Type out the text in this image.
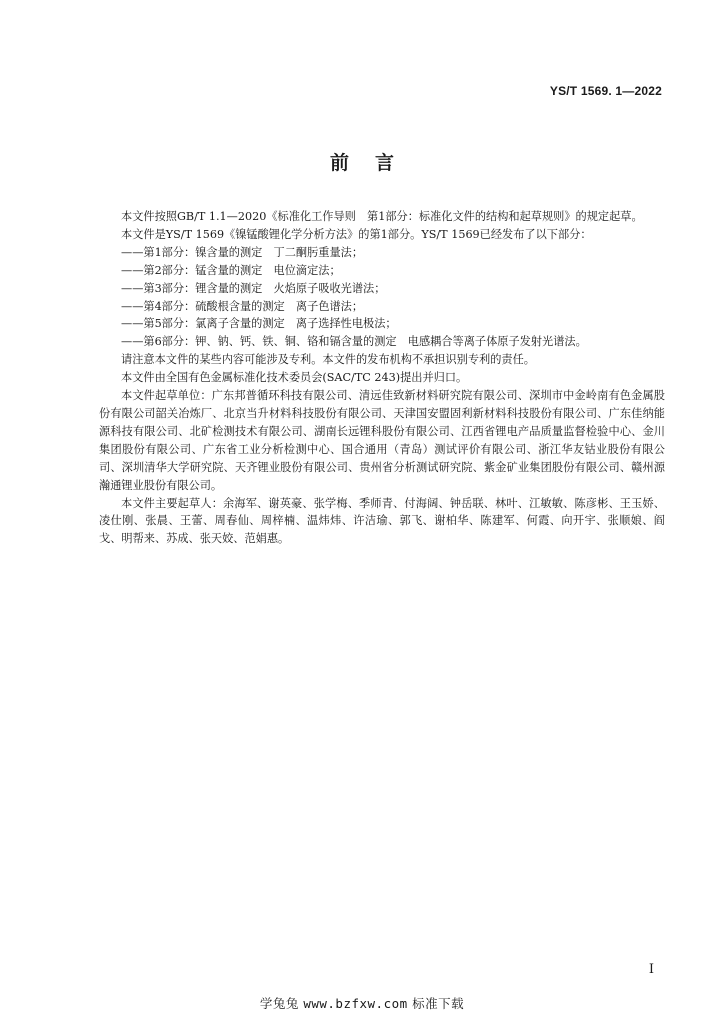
YS/T 1569. 1—2022
前言

本文件按照GB/T 1.1—2020《标准化工作导则　第1部分：标准化文件的结构和起草规则》的规定起草。

本文件是YS/T 1569《镍锰酸锂化学分析方法》的第1部分。YS/T 1569已经发布了以下部分：

——第1部分：镍含量的测定　丁二酮肟重量法；

——第2部分：锰含量的测定　电位滴定法；

——第3部分：锂含量的测定　火焰原子吸收光谱法；

——第4部分：硫酸根含量的测定　离子色谱法；

——第5部分：氯离子含量的测定　离子选择性电极法；

——第6部分：钾、钠、钙、铁、铜、铬和镉含量的测定　电感耦合等离子体原子发射光谱法。

请注意本文件的某些内容可能涉及专利。本文件的发布机构不承担识别专利的责任。

本文件由全国有色金属标准化技术委员会(SAC/TC 243)提出并归口。

本文件起草单位：广东邦普循环科技有限公司、清远佳致新材料研究院有限公司、深圳市中金岭南有色金属股份有限公司韶关冶炼厂、北京当升材料科技股份有限公司、天津国安盟固利新材料科技股份有限公司、广东佳纳能源科技有限公司、北矿检测技术有限公司、湖南长远锂科股份有限公司、江西省锂电产品质量监督检验中心、金川集团股份有限公司、广东省工业分析检测中心、国合通用（青岛）测试评价有限公司、浙江华友钴业股份有限公司、深圳清华大学研究院、天齐锂业股份有限公司、贵州省分析测试研究院、紫金矿业集团股份有限公司、赣州源瀚通锂业股份有限公司。

本文件主要起草人：余海军、谢英豪、张学梅、季师青、付海阔、钟岳联、林叶、江敏敏、陈彦彬、王玉娇、凌仕刚、张晨、王蕾、周春仙、周梓楠、温炜炜、许洁瑜、郭飞、谢柏华、陈建军、何霞、向开宇、张顺娘、阎戈、明帮来、苏成、张天姣、范娟惠。

I
学兔兔 www.bzfxw.com 标准下载
